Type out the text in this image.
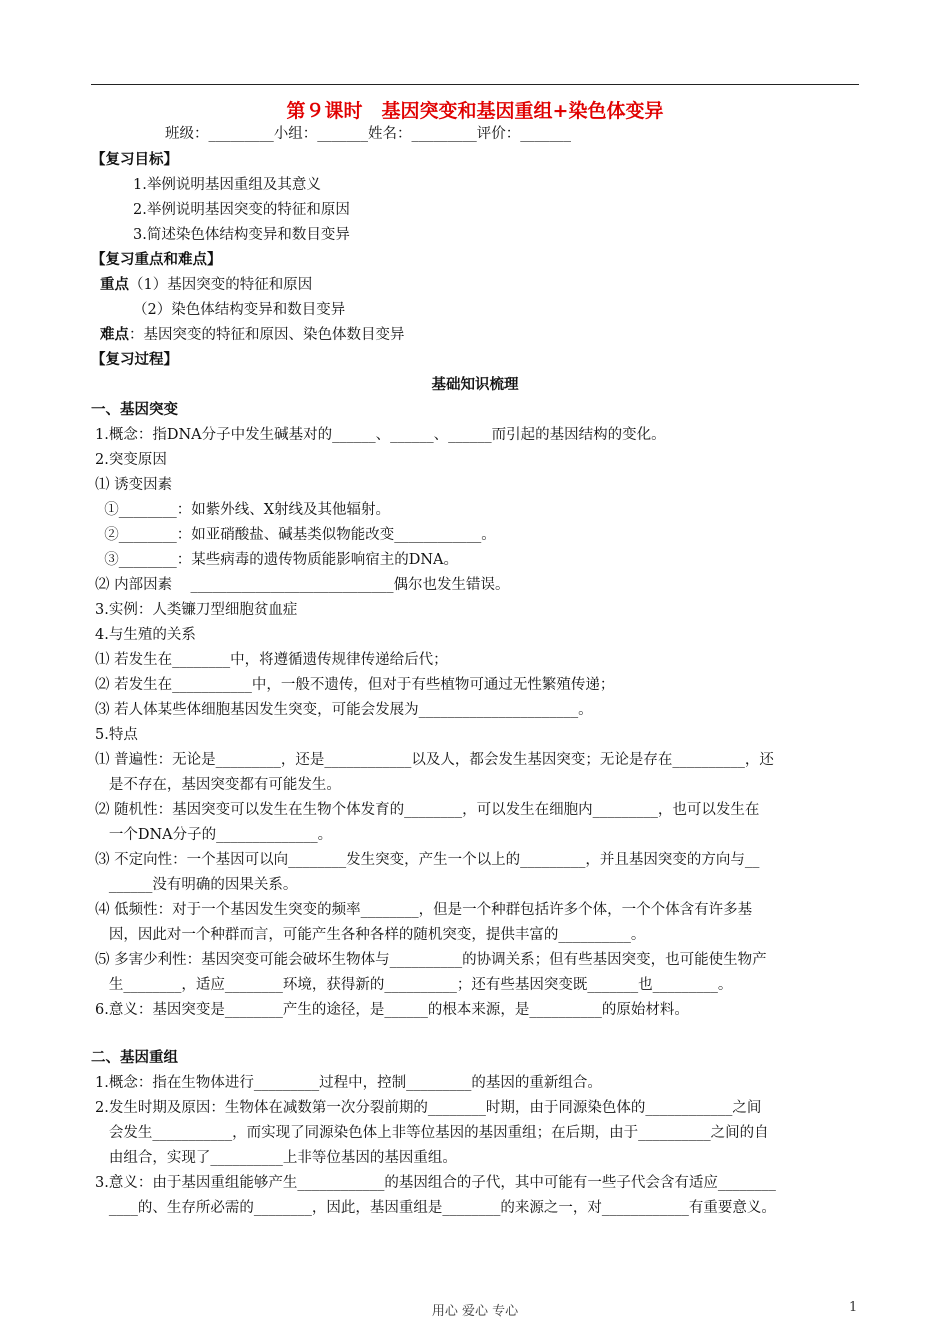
第９课时　基因突变和基因重组+染色体变异
班级：_________小组：_______姓名：_________评价：_______
【复习目标】
1.举例说明基因重组及其意义
2.举例说明基因突变的特征和原因
3.简述染色体结构变异和数目变异
【复习重点和难点】
重点（1）基因突变的特征和原因
（2）染色体结构变异和数目变异
难点：基因突变的特征和原因、染色体数目变异
【复习过程】
基础知识梳理
一、基因突变
1.概念：指DNA分子中发生碱基对的______、______、______而引起的基因结构的变化。
2.突变原因
⑴ 诱变因素
①________：如紫外线、X射线及其他辐射。
②________：如亚硝酸盐、碱基类似物能改变____________。
③________：某些病毒的遗传物质能影响宿主的DNA。
⑵ 内部因素    ____________________________偶尔也发生错误。
3.实例：人类镰刀型细胞贫血症
4.与生殖的关系
⑴ 若发生在________中，将遵循遗传规律传递给后代；
⑵ 若发生在___________中，一般不遗传，但对于有些植物可通过无性繁殖传递；
⑶ 若人体某些体细胞基因发生突变，可能会发展为______________________。
5.特点
⑴ 普遍性：无论是_________，还是____________以及人，都会发生基因突变；无论是存在__________，还
是不存在，基因突变都有可能发生。
⑵ 随机性：基因突变可以发生在生物个体发育的________，可以发生在细胞内_________，也可以发生在
一个DNA分子的______________。
⑶ 不定向性：一个基因可以向________发生突变，产生一个以上的_________，并且基因突变的方向与__
______没有明确的因果关系。
⑷ 低频性：对于一个基因发生突变的频率________，但是一个种群包括许多个体，一个个体含有许多基
因，因此对一个种群而言，可能产生各种各样的随机突变，提供丰富的__________。
⑸ 多害少利性：基因突变可能会破坏生物体与__________的协调关系；但有些基因突变，也可能使生物产
生________，适应________环境，获得新的__________；还有些基因突变既_______也_________。
6.意义：基因突变是________产生的途径，是______的根本来源，是__________的原始材料。
二、基因重组
1.概念：指在生物体进行_________过程中，控制_________的基因的重新组合。
2.发生时期及原因：生物体在减数第一次分裂前期的________时期，由于同源染色体的____________之间
会发生___________，而实现了同源染色体上非等位基因的基因重组；在后期，由于__________之间的自
由组合，实现了__________上非等位基因的基因重组。
3.意义：由于基因重组能够产生____________的基因组合的子代，其中可能有一些子代会含有适应________
____的、生存所必需的________，因此，基因重组是________的来源之一，对____________有重要意义。
用心 爱心 专心	1
